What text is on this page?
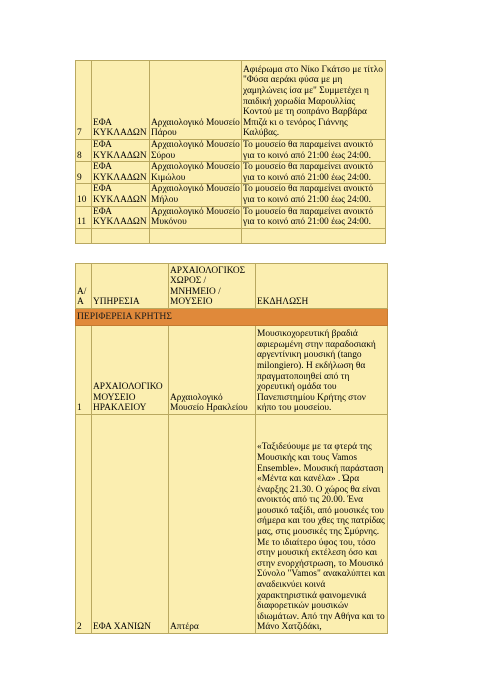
7	ΕΦΑ ΚΥΚΛΑΔΩΝ	Αρχαιολογικό Μουσείο Πάρου	Αφιέρωμα στο Νίκο Γκάτσο με τίτλο "Φύσα αεράκι φύσα με μη χαμηλώνεις ίσα με" Συμμετέχει η παιδική χορωδία Μαρουλλίας Κοντού με τη σοπράνο Βαρβάρα Μπιζά κι ο τενόρος Γιάννης Καλύβας.
8	ΕΦΑ ΚΥΚΛΑΔΩΝ	Αρχαιολογικό Μουσείο Σύρου	Το μουσείο θα παραμείνει ανοικτό για το κοινό από 21:00 έως 24:00.
9	ΕΦΑ ΚΥΚΛΑΔΩΝ	Αρχαιολογικό Μουσείο Κιμώλου	Το μουσείο θα παραμείνει ανοικτό για το κοινό από 21:00 έως 24:00.
10	ΕΦΑ ΚΥΚΛΑΔΩΝ	Αρχαιολογικό Μουσείο Μήλου	Το μουσείο θα παραμείνει ανοικτό για το κοινό από 21:00 έως 24:00.
11	ΕΦΑ ΚΥΚΛΑΔΩΝ	Αρχαιολογικό Μουσείο Μυκόνου	Το μουσείο θα παραμείνει ανοικτό για το κοινό από 21:00 έως 24:00.

Α/Α	ΥΠΗΡΕΣΙΑ	ΑΡΧΑΙΟΛΟΓΙΚΟΣ ΧΩΡΟΣ / ΜΝΗΜΕΙΟ / ΜΟΥΣΕΙΟ	ΕΚΔΗΛΩΣΗ
ΠΕΡΙΦΕΡΕΙΑ ΚΡΗΤΗΣ			
1	ΑΡΧΑΙΟΛΟΓΙΚΟ ΜΟΥΣΕΙΟ ΗΡΑΚΛΕΙΟΥ	Αρχαιολογικό Μουσείο Ηρακλείου	Μουσικοχορευτική βραδιά αφιερωμένη στην παραδοσιακή αργεντίνικη μουσική (tango milongiero). Η εκδήλωση θα πραγματοποιηθεί από τη χορευτική ομάδα του Πανεπιστημίου Κρήτης στον κήπο του μουσείου.
2	ΕΦΑ ΧΑΝΙΩΝ	Απτέρα	«Ταξιδεύουμε με τα φτερά της Μουσικής και τους Vamos Ensemble». Μουσική παράσταση «Μέντα και κανέλα» . Ώρα έναρξης 21.30. Ο χώρος θα είναι ανοικτός από τις 20.00. Ένα μουσικό ταξίδι, από μουσικές του σήμερα και του χθες της πατρίδας μας, στις μουσικές της Σμύρνης. Με το ιδιαίτερο ύφος του, τόσο στην μουσική εκτέλεση όσο και στην ενορχήστρωση, το Μουσικό Σύνολο "Vamos" ανακαλύπτει και αναδεικνύει κοινά χαρακτηριστικά φαινομενικά διαφορετικών μουσικών ιδιωμάτων. Από την Αθήνα και το Μάνο Χατζιδάκι,
